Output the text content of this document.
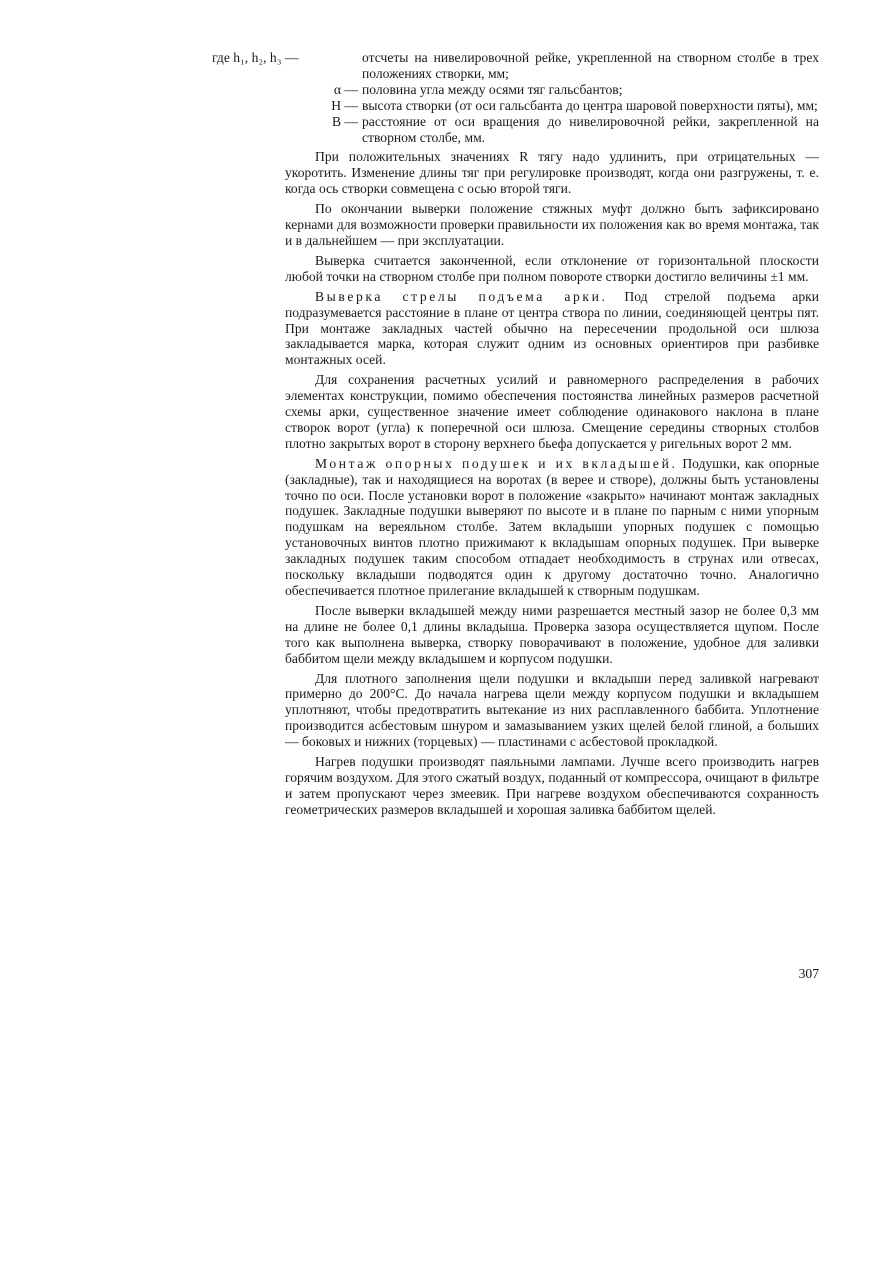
где h₁, h₂, h₃ —	отсчеты на нивелировочной рейке, укрепленной на створном столбе в трех положениях створки, мм;
α — половина угла между осями тяг гальсбантов;
H — высота створки (от оси гальсбанта до центра шаровой поверхности пяты), мм;
B — расстояние от оси вращения до нивелировочной рейки, закрепленной на створном столбе, мм.

При положительных значениях R тягу надо удлинить, при отрицательных — укоротить. Изменение длины тяг при регулировке производят, когда они разгружены, т. е. когда ось створки совмещена с осью второй тяги.

По окончании выверки положение стяжных муфт должно быть зафиксировано кернами для возможности проверки правильности их положения как во время монтажа, так и в дальнейшем — при эксплуатации.

Выверка считается законченной, если отклонение от горизонтальной плоскости любой точки на створном столбе при полном повороте створки достигло величины ±1 мм.

Выверка стрелы подъема арки. Под стрелой подъема арки подразумевается расстояние в плане от центра створа по линии, соединяющей центры пят. При монтаже закладных частей обычно на пересечении продольной оси шлюза закладывается марка, которая служит одним из основных ориентиров при разбивке монтажных осей.

Для сохранения расчетных усилий и равномерного распределения в рабочих элементах конструкции, помимо обеспечения постоянства линейных размеров расчетной схемы арки, существенное значение имеет соблюдение одинакового наклона в плане створок ворот (угла) к поперечной оси шлюза. Смещение середины створных столбов плотно закрытых ворот в сторону верхнего бьефа допускается у ригельных ворот 2 мм.

Монтаж опорных подушек и их вкладышей. Подушки, как опорные (закладные), так и находящиеся на воротах (в верее и створе), должны быть установлены точно по оси. После установки ворот в положение «закрыто» начинают монтаж закладных подушек. Закладные подушки выверяют по высоте и в плане по парным с ними упорным подушкам на вереяльном столбе. Затем вкладыши упорных подушек с помощью установочных винтов плотно прижимают к вкладышам опорных подушек. При выверке закладных подушек таким способом отпадает необходимость в струнах или отвесах, поскольку вкладыши подводятся один к другому достаточно точно. Аналогично обеспечивается плотное прилегание вкладышей к створным подушкам.

После выверки вкладышей между ними разрешается местный зазор не более 0,3 мм на длине не более 0,1 длины вкладыша. Проверка зазора осуществляется щупом. После того как выполнена выверка, створку поворачивают в положение, удобное для заливки баббитом щели между вкладышем и корпусом подушки.

Для плотного заполнения щели подушки и вкладыши перед заливкой нагревают примерно до 200°С. До начала нагрева щели между корпусом подушки и вкладышем уплотняют, чтобы предотвратить вытекание из них расплавленного баббита. Уплотнение производится асбестовым шнуром и замазыванием узких щелей белой глиной, а больших — боковых и нижних (торцевых) — пластинами с асбестовой прокладкой.

Нагрев подушки производят паяльными лампами. Лучше всего производить нагрев горячим воздухом. Для этого сжатый воздух, поданный от компрессора, очищают в фильтре и затем пропускают через змеевик. При нагреве воздухом обеспечиваются сохранность геометрических размеров вкладышей и хорошая заливка баббитом щелей.

307
